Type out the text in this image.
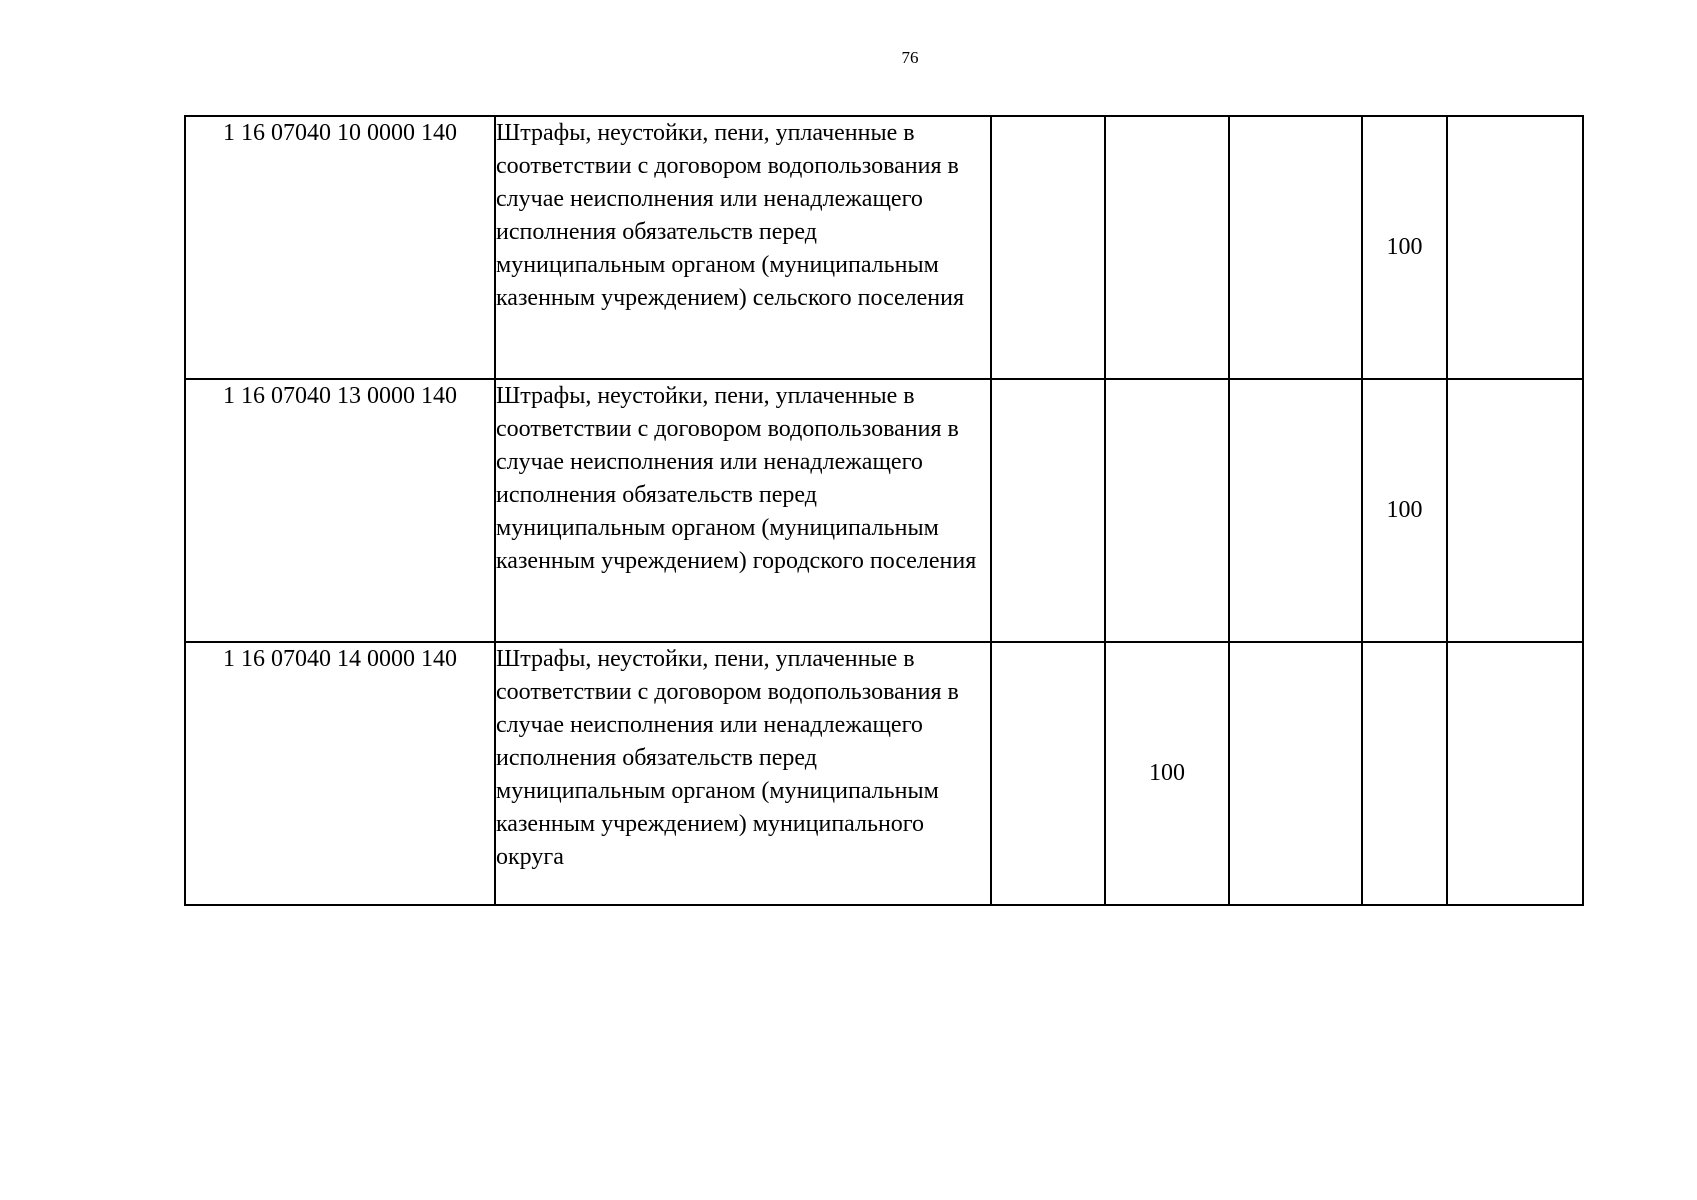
76
1 16 07040 10 0000 140	Штрафы, неустойки, пени, уплаченные в соответствии с договором водопользования в случае неисполнения или ненадлежащего исполнения обязательств перед муниципальным органом (муниципальным казенным учреждением) сельского поселения				100	
1 16 07040 13 0000 140	Штрафы, неустойки, пени, уплаченные в соответствии с договором водопользования в случае неисполнения или ненадлежащего исполнения обязательств перед муниципальным органом (муниципальным казенным учреждением) городского поселения				100	
1 16 07040 14 0000 140	Штрафы, неустойки, пени, уплаченные в соответствии с договором водопользования в случае неисполнения или ненадлежащего исполнения обязательств перед муниципальным органом (муниципальным казенным учреждением) муниципального округа		100			
